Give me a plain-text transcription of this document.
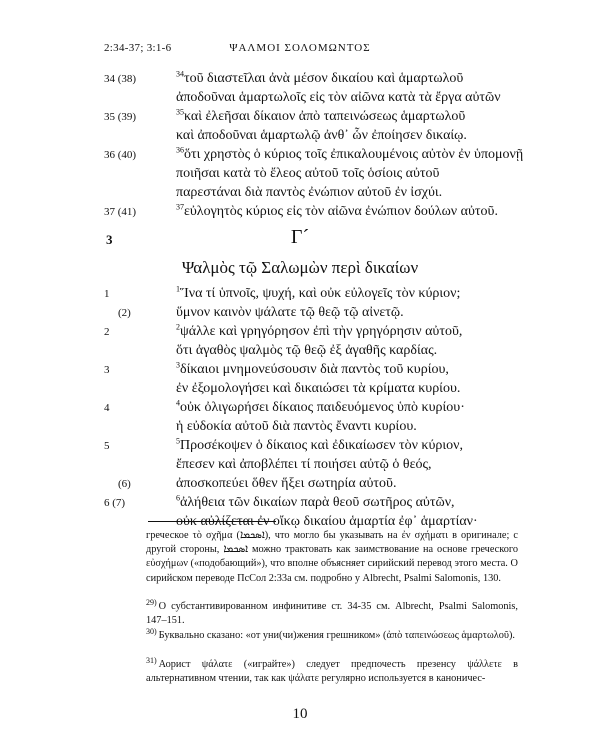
2:34-37; 3:1-6	ΨΑΛΜΟΙ ΣΟΛΟΜΩΝΤΟΣ
34 (38)	$^{34}$τοῦ διαστεῖλαι ἀνὰ μέσον δικαίου καὶ ἁμαρτωλοῦ
ἀποδοῦναι ἁμαρτωλοῖς εἰς τὸν αἰῶνα κατὰ τὰ ἔργα αὐτῶν
35 (39)	$^{35}$καὶ ἐλεῆσαι δίκαιον ἀπὸ ταπεινώσεως ἁμαρτωλοῦ
καὶ ἀποδοῦναι ἁμαρτωλῷ ἀνθ᾽ ὧν ἐποίησεν δικαίῳ.
36 (40)	$^{36}$ὅτι χρηστὸς ὁ κύριος τοῖς ἐπικαλουμένοις αὐτὸν ἐν ὑπομονῇ
ποιῆσαι κατὰ τὸ ἔλεος αὐτοῦ τοῖς ὁσίοις αὐτοῦ
παρεστάναι διὰ παντὸς ἐνώπιον αὐτοῦ ἐν ἰσχύι.
37 (41)	$^{37}$εὐλογητὸς κύριος εἰς τὸν αἰῶνα ἐνώπιον δούλων αὐτοῦ.
3	Γ´
Ψαλμὸς τῷ Σαλωμὼν περὶ δικαίων
1	$^1$Ἵνα τί ὑπνοῖς, ψυχή, καὶ οὐκ εὐλογεῖς τὸν κύριον;
(2)	ὕμνον καινὸν ψάλατε τῷ θεῷ τῷ αἰνετῷ.
2	$^2$ψάλλε καὶ γρηγόρησον ἐπὶ τὴν γρηγόρησιν αὐτοῦ,
ὅτι ἀγαθὸς ψαλμὸς τῷ θεῷ ἐξ ἀγαθῆς καρδίας.
3	$^3$δίκαιοι μνημονεύσουσιν διὰ παντὸς τοῦ κυρίου,
ἐν ἐξομολογήσει καὶ δικαιώσει τὰ κρίματα κυρίου.
4	$^4$οὐκ ὀλιγωρήσει δίκαιος παιδευόμενος ὑπὸ κυρίου·
ἡ εὐδοκία αὐτοῦ διὰ παντὸς ἔναντι κυρίου.
5	$^5$Προσέκοψεν ὁ δίκαιος καὶ ἐδικαίωσεν τὸν κύριον,
ἔπεσεν καὶ ἀποβλέπει τί ποιήσει αὐτῷ ὁ θεός,
(6)	ἀποσκοπεύει ὅθεν ἥξει σωτηρία αὐτοῦ.
6 (7)	$^6$ἀλήθεια τῶν δικαίων παρὰ θεοῦ σωτῆρος αὐτῶν,
οὐκ αὐλίζεται ἐν οἴκῳ δικαίου ἁμαρτία ἐφ᾽ ἁμαρτίαν·
греческое τὸ σχῆμα (ܐܣܟܡܐ), что могло бы указывать на ἐν σχήματι в оригинале; с другой стороны, ܐܣܟܡܐ можно трактовать как заимствование на основе греческого εὐσχήμων («подобающий»), что вполне объясняет сирийский перевод этого места. О сирийском переводе ПсСол 2:33а см. подробно у Albrecht, Psalmi Salomonis, 130.
$^{29)}$ О субстантивированном инфинитиве ст. 34-35 см. Albrecht, Psalmi Salomonis, 147–151.
$^{30)}$ Буквально сказано: «от уни(чи)жения грешником» (ἀπὸ ταπεινώσεως ἁμαρτωλοῦ).
$^{31)}$ Аорист ψάλατε («играйте») следует предпочесть презенсу ψάλλετε в альтернативном чтении, так как ψάλατε регулярно используется в каноничес-
10
